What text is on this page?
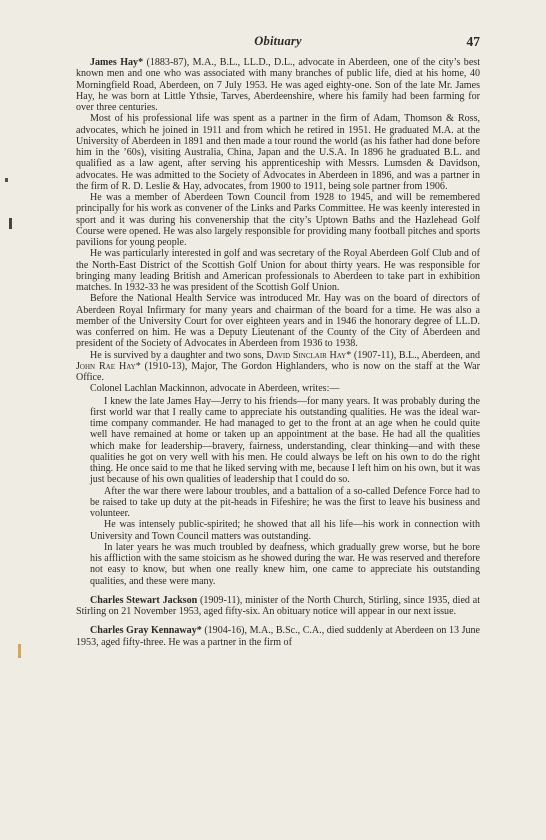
Obituary	47

James Hay* (1883-87), M.A., B.L., LL.D., D.L., advocate in Aberdeen, one of the city’s best known men and one who was associated with many branches of public life, died at his home, 40 Morningfield Road, Aberdeen, on 7 July 1953. He was aged eighty-one. Son of the late Mr. James Hay, he was born at Little Ythsie, Tarves, Aberdeenshire, where his family had been farming for over three centuries.

Most of his professional life was spent as a partner in the firm of Adam, Thomson & Ross, advocates, which he joined in 1911 and from which he retired in 1951. He graduated M.A. at the University of Aberdeen in 1891 and then made a tour round the world (as his father had done before him in the ’60s), visiting Australia, China, Japan and the U.S.A. In 1896 he graduated B.L. and qualified as a law agent, after serving his apprenticeship with Messrs. Lumsden & Davidson, advocates. He was admitted to the Society of Advocates in Aberdeen in 1896, and was a partner in the firm of R. D. Leslie & Hay, advocates, from 1900 to 1911, being sole partner from 1906.

He was a member of Aberdeen Town Council from 1928 to 1945, and will be remembered principally for his work as convener of the Links and Parks Committee. He was keenly interested in sport and it was during his convenership that the city’s Uptown Baths and the Hazlehead Golf Course were opened. He was also largely responsible for providing many football pitches and sports pavilions for young people.

He was particularly interested in golf and was secretary of the Royal Aberdeen Golf Club and of the North-East District of the Scottish Golf Union for about thirty years. He was responsible for bringing many leading British and American professionals to Aberdeen to take part in exhibition matches. In 1932-33 he was president of the Scottish Golf Union.

Before the National Health Service was introduced Mr. Hay was on the board of directors of Aberdeen Royal Infirmary for many years and chairman of the board for a time. He was also a member of the University Court for over eighteen years and in 1946 the honorary degree of LL.D. was conferred on him. He was a Deputy Lieutenant of the County of the City of Aberdeen and president of the Society of Advocates in Aberdeen from 1936 to 1938.

He is survived by a daughter and two sons, David Sinclair Hay* (1907-11), B.L., Aberdeen, and John Rae Hay* (1910-13), Major, The Gordon Highlanders, who is now on the staff at the War Office.

Colonel Lachlan Mackinnon, advocate in Aberdeen, writes:—

I knew the late James Hay—Jerry to his friends—for many years. It was probably during the first world war that I really came to appreciate his outstanding qualities. He was the ideal war-time company commander. He had managed to get to the front at an age when he could quite well have remained at home or taken up an appointment at the base. He had all the qualities which make for leadership—bravery, fairness, understanding, clear thinking—and with these qualities he got on very well with his men. He could always be left on his own to do the right thing. He once said to me that he liked serving with me, because I left him on his own, but it was just because of his own qualities of leadership that I could do so.

After the war there were labour troubles, and a battalion of a so-called Defence Force had to be raised to take up duty at the pit-heads in Fifeshire; he was the first to leave his business and volunteer.

He was intensely public-spirited; he showed that all his life—his work in connection with University and Town Council matters was outstanding.

In later years he was much troubled by deafness, which gradually grew worse, but he bore his affliction with the same stoicism as he showed during the war. He was reserved and therefore not easy to know, but when one really knew him, one came to appreciate his outstanding qualities, and these were many.

Charles Stewart Jackson (1909-11), minister of the North Church, Stirling, since 1935, died at Stirling on 21 November 1953, aged fifty-six. An obituary notice will appear in our next issue.

Charles Gray Kennaway* (1904-16), M.A., B.Sc., C.A., died suddenly at Aberdeen on 13 June 1953, aged fifty-three. He was a partner in the firm of
